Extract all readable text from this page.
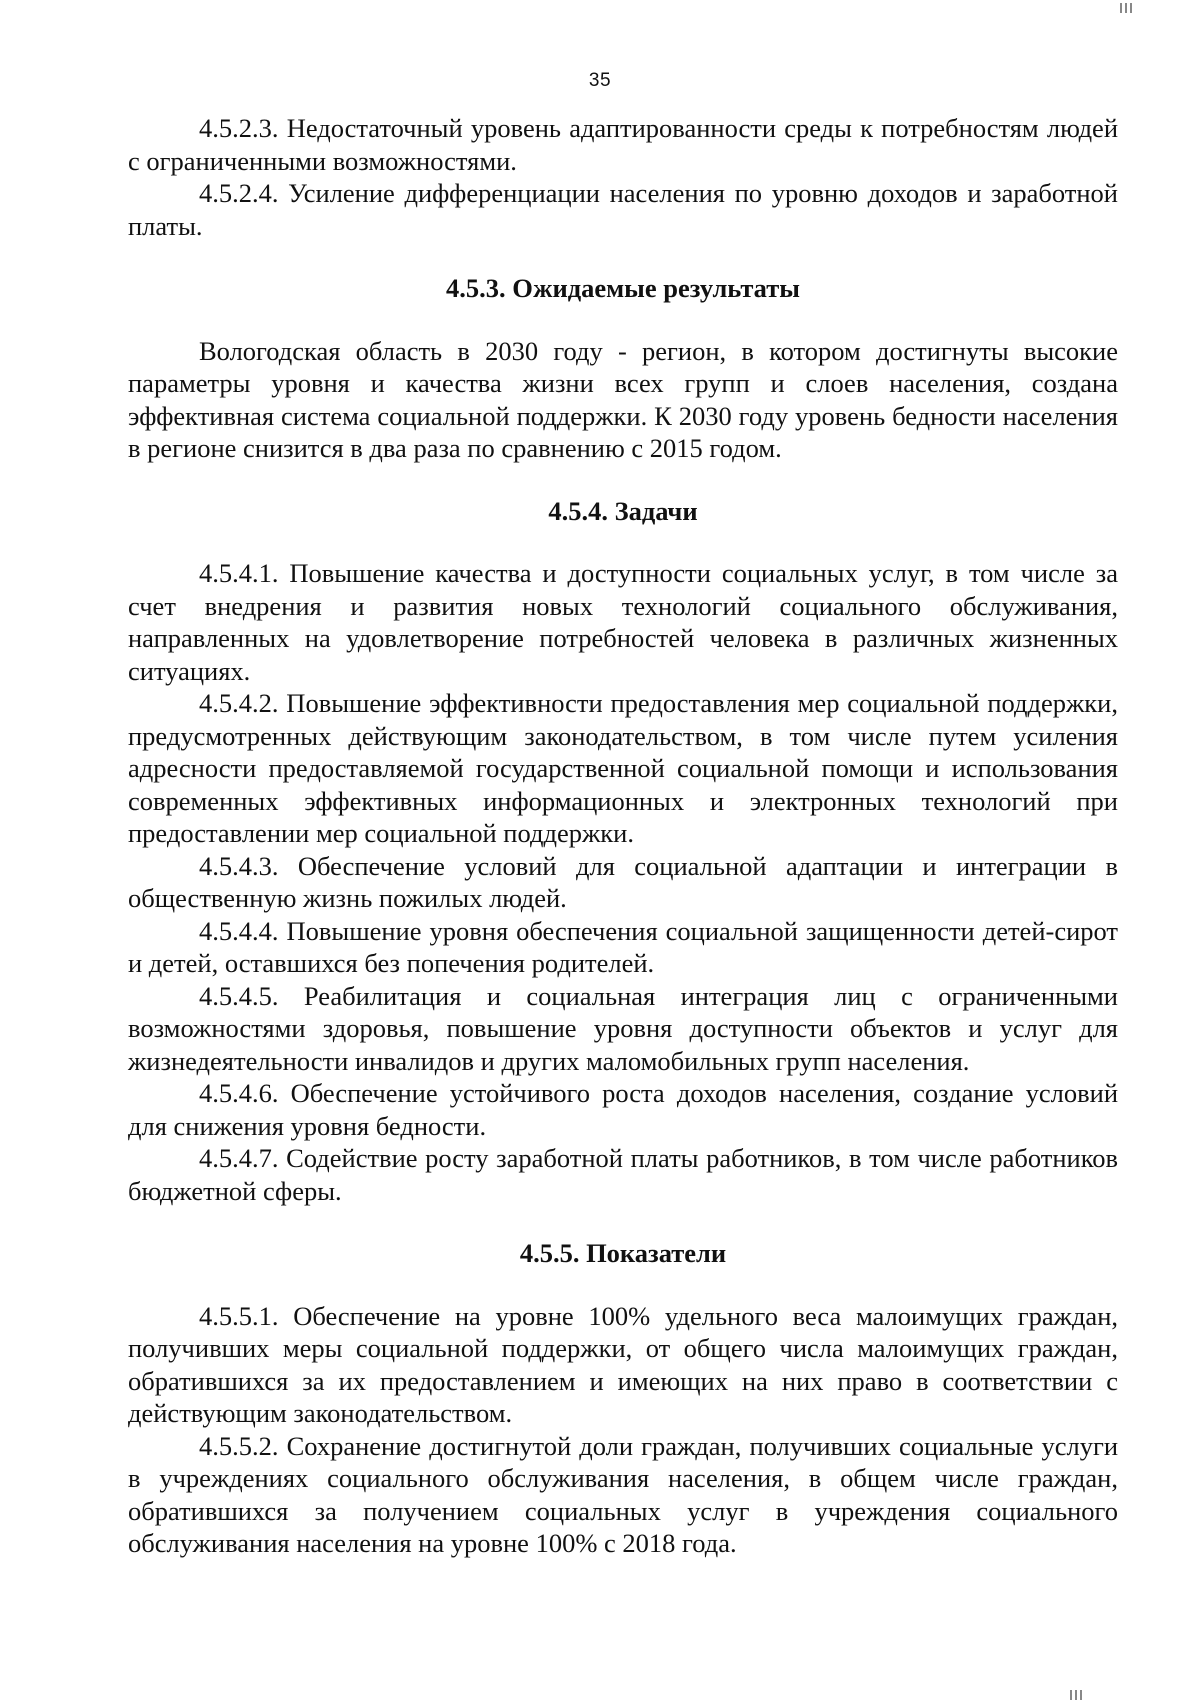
35

4.5.2.3. Недостаточный уровень адаптированности среды к потребностям людей с ограниченными возможностями.

4.5.2.4. Усиление дифференциации населения по уровню доходов и заработной платы.

4.5.3. Ожидаемые результаты

Вологодская область в 2030 году - регион, в котором достигнуты высокие параметры уровня и качества жизни всех групп и слоев населения, создана эффективная система социальной поддержки. К 2030 году уровень бедности населения в регионе снизится в два раза по сравнению с 2015 годом.

4.5.4. Задачи

4.5.4.1. Повышение качества и доступности социальных услуг, в том числе за счет внедрения и развития новых технологий социального обслуживания, направленных на удовлетворение потребностей человека в различных жизненных ситуациях.

4.5.4.2. Повышение эффективности предоставления мер социальной поддержки, предусмотренных действующим законодательством, в том числе путем усиления адресности предоставляемой государственной социальной помощи и использования современных эффективных информационных и электронных технологий при предоставлении мер социальной поддержки.

4.5.4.3. Обеспечение условий для социальной адаптации и интеграции в общественную жизнь пожилых людей.

4.5.4.4. Повышение уровня обеспечения социальной защищенности детей-сирот и детей, оставшихся без попечения родителей.

4.5.4.5. Реабилитация и социальная интеграция лиц с ограниченными возможностями здоровья, повышение уровня доступности объектов и услуг для жизнедеятельности инвалидов и других маломобильных групп населения.

4.5.4.6. Обеспечение устойчивого роста доходов населения, создание условий для снижения уровня бедности.

4.5.4.7. Содействие росту заработной платы работников, в том числе работников бюджетной сферы.

4.5.5. Показатели

4.5.5.1. Обеспечение на уровне 100% удельного веса малоимущих граждан, получивших меры социальной поддержки, от общего числа малоимущих граждан, обратившихся за их предоставлением и имеющих на них право в соответствии с действующим законодательством.

4.5.5.2. Сохранение достигнутой доли граждан, получивших социальные услуги в учреждениях социального обслуживания населения, в общем числе граждан, обратившихся за получением социальных услуг в учреждения социального обслуживания населения на уровне 100% с 2018 года.
